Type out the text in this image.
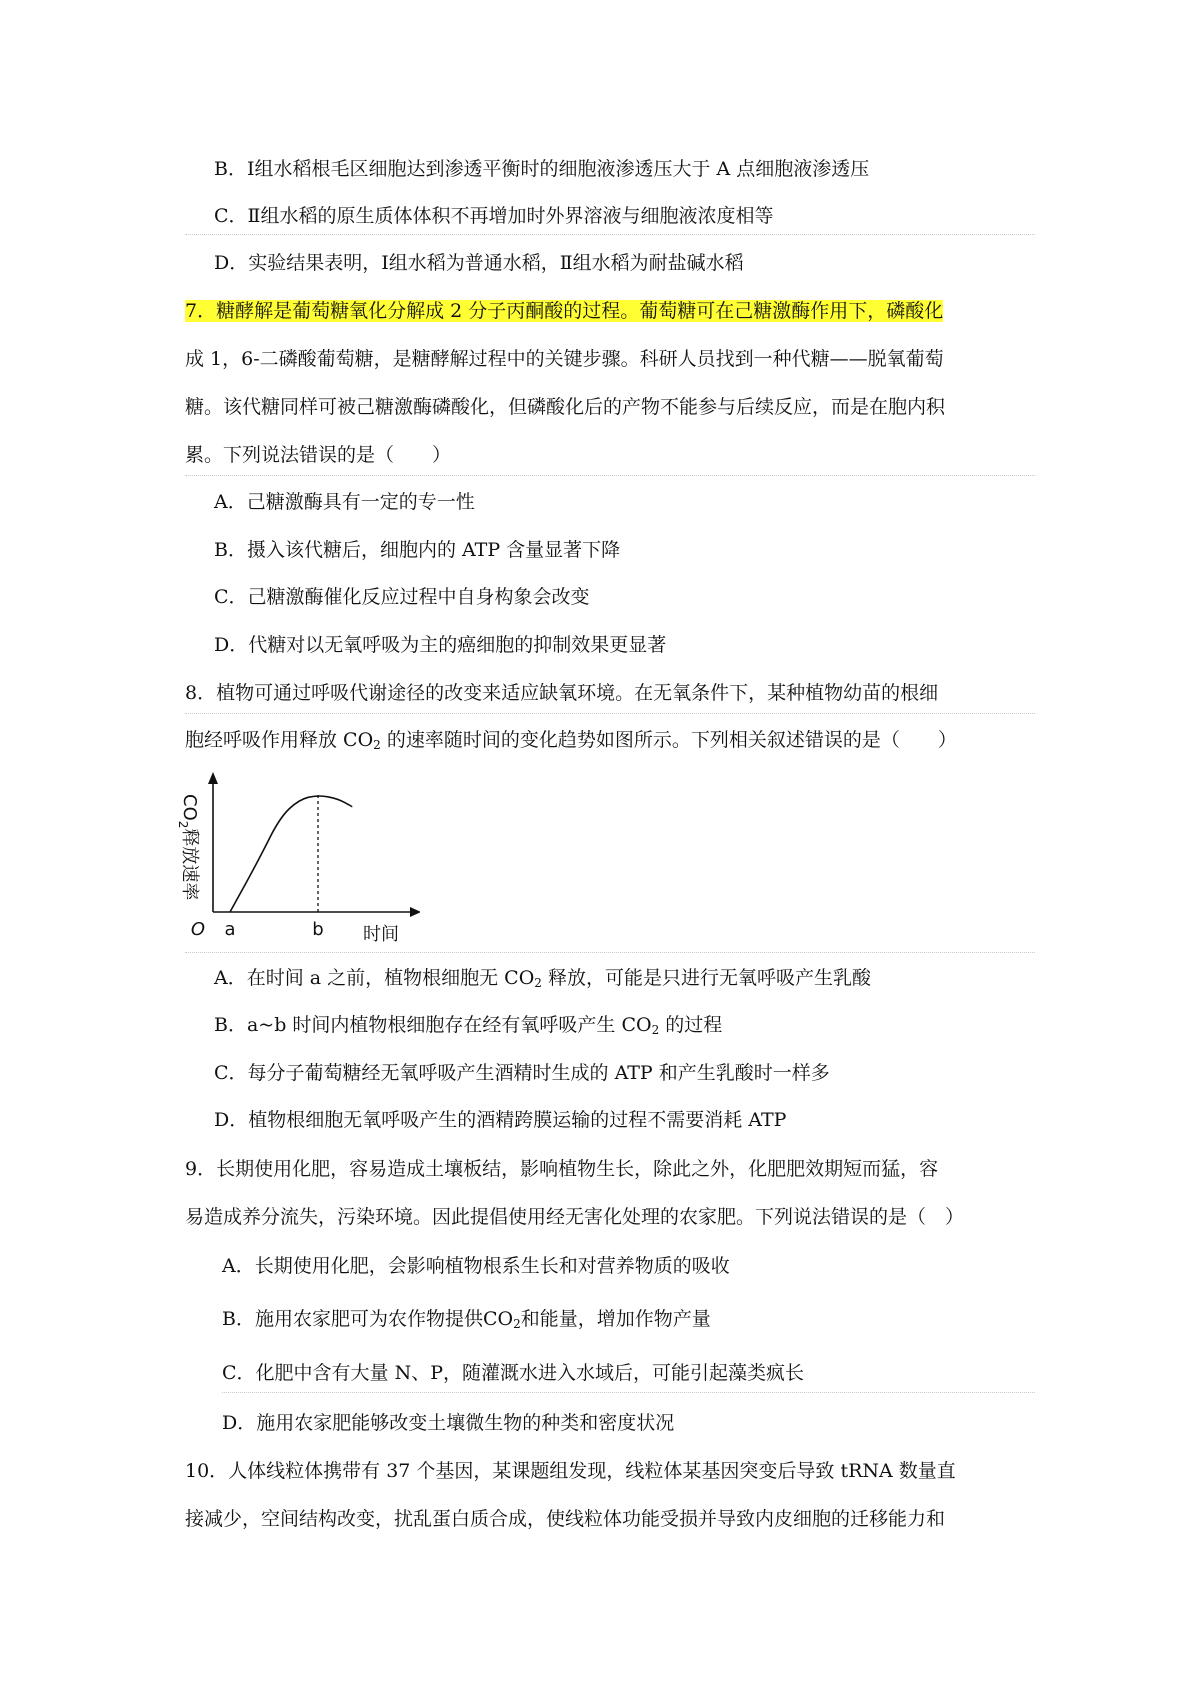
B．Ⅰ组水稻根毛区细胞达到渗透平衡时的细胞液渗透压大于 A 点细胞液渗透压
C．Ⅱ组水稻的原生质体体积不再增加时外界溶液与细胞液浓度相等
D．实验结果表明，Ⅰ组水稻为普通水稻，Ⅱ组水稻为耐盐碱水稻
7．糖酵解是葡萄糖氧化分解成 2 分子丙酮酸的过程。葡萄糖可在己糖激酶作用下，磷酸化
成 1，6-二磷酸葡萄糖，是糖酵解过程中的关键步骤。科研人员找到一种代糖——脱氧葡萄
糖。该代糖同样可被己糖激酶磷酸化，但磷酸化后的产物不能参与后续反应，而是在胞内积
累。下列说法错误的是（　　）
A．己糖激酶具有一定的专一性
B．摄入该代糖后，细胞内的 ATP 含量显著下降
C．己糖激酶催化反应过程中自身构象会改变
D．代糖对以无氧呼吸为主的癌细胞的抑制效果更显著
8．植物可通过呼吸代谢途径的改变来适应缺氧环境。在无氧条件下，某种植物幼苗的根细
胞经呼吸作用释放 $CO_2$ 的速率随时间的变化趋势如图所示。下列相关叙述错误的是（　　）
O a	b 时间
$CO_2$释放速率
A．在时间 a 之前，植物根细胞无 $CO_2$ 释放，可能是只进行无氧呼吸产生乳酸
B．a~b 时间内植物根细胞存在经有氧呼吸产生 $CO_2$ 的过程
C．每分子葡萄糖经无氧呼吸产生酒精时生成的 ATP 和产生乳酸时一样多
D．植物根细胞无氧呼吸产生的酒精跨膜运输的过程不需要消耗 ATP
9．长期使用化肥，容易造成土壤板结，影响植物生长，除此之外，化肥肥效期短而猛，容
易造成养分流失，污染环境。因此提倡使用经无害化处理的农家肥。下列说法错误的是（　）
A．长期使用化肥，会影响植物根系生长和对营养物质的吸收
B．施用农家肥可为农作物提供$CO_2$和能量，增加作物产量
C．化肥中含有大量 N、P，随灌溉水进入水域后，可能引起藻类疯长
D．施用农家肥能够改变土壤微生物的种类和密度状况
10．人体线粒体携带有 37 个基因，某课题组发现，线粒体某基因突变后导致 tRNA 数量直
接减少，空间结构改变，扰乱蛋白质合成，使线粒体功能受损并导致内皮细胞的迁移能力和
